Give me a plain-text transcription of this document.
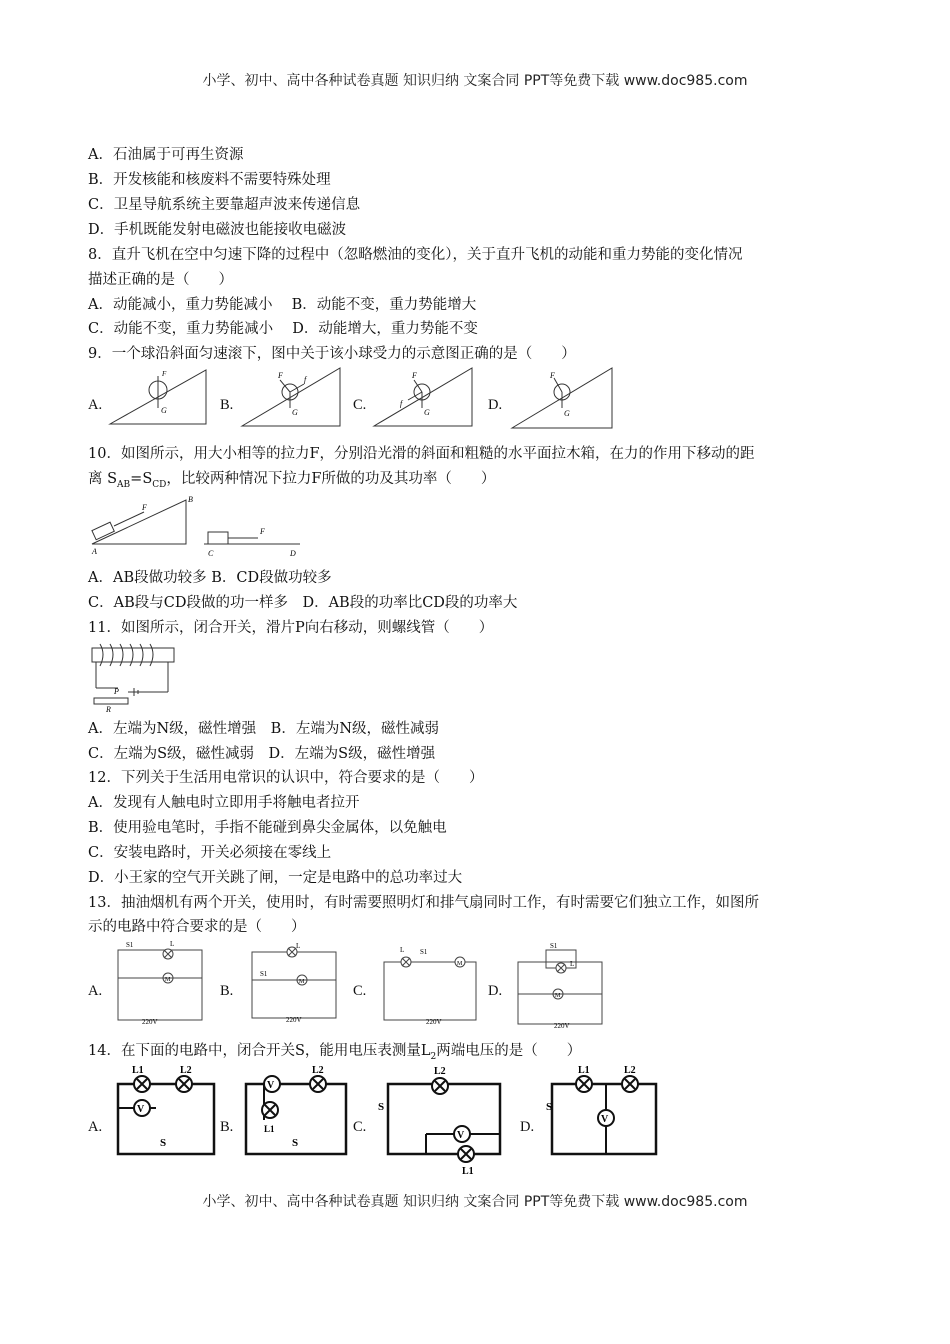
小学、初中、高中各种试卷真题 知识归纳 文案合同 PPT等免费下载 www.doc985.com
小学、初中、高中各种试卷真题 知识归纳 文案合同 PPT等免费下载 www.doc985.com
A．石油属于可再生资源
B．开发核能和核废料不需要特殊处理
C．卫星导航系统主要靠超声波来传递信息
D．手机既能发射电磁波也能接收电磁波
8．直升飞机在空中匀速下降的过程中（忽略燃油的变化），关于直升飞机的动能和重力势能的变化情况
描述正确的是（　　）
A．动能减小，重力势能减小　 B．动能不变，重力势能增大
C．动能不变，重力势能减小　 D．动能增大，重力势能不变
9．一个球沿斜面匀速滚下，图中关于该小球受力的示意图正确的是（　　）
A.	B.	C.	D.
F
G
F	f
G
F
f
G
F
G
10．如图所示，用大小相等的拉力F，分别沿光滑的斜面和粗糙的水平面拉木箱，在力的作用下移动的距
离 $S_{AB}=S_{CD}$，比较两种情况下拉力F所做的功及其功率（　　）
B
A
F
F
C	D
A．AB段做功较多 B．CD段做功较多
C．AB段与CD段做的功一样多　D．AB段的功率比CD段的功率大
11．如图所示，闭合开关，滑片P向右移动，则螺线管（　　）
P
R
A．左端为N级，磁性增强　B．左端为N级，磁性减弱
C．左端为S级，磁性减弱　D．左端为S级，磁性增强
12．下列关于生活用电常识的认识中，符合要求的是（　　）
A．发现有人触电时立即用手将触电者拉开
B．使用验电笔时，手指不能碰到鼻尖金属体，以免触电
C．安装电路时，开关必须接在零线上
D．小王家的空气开关跳了闸，一定是电路中的总功率过大
13．抽油烟机有两个开关，使用时，有时需要照明灯和排气扇同时工作，有时需要它们独立工作，如图所
示的电路中符合要求的是（　　）
A.	B.	C.	D.
M
L
S1
220V
M
L
S1
220V
M
L S1
220V
M
L
S1
220V
14．在下面的电路中，闭合开关S，能用电压表测量$L_2$两端电压的是（　　）
A.	B.	C.	D.
V
L1	L2
S
V
L1
L2
S
V
L2
L1
S
V
L1	L2
S
